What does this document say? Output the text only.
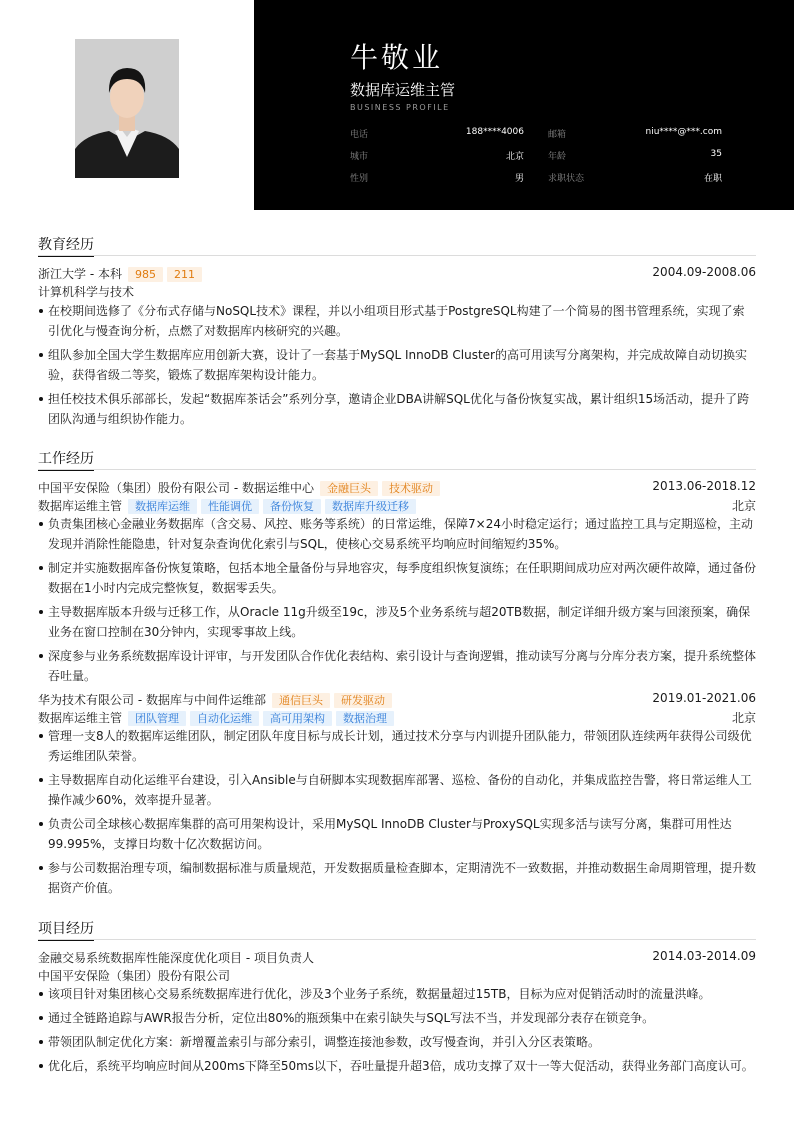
牛敬业
数据库运维主管
BUSINESS PROFILE
电话	188****4006	邮箱	niu****@***.com
城市	北京	年龄	35
性别	男	求职状态	在职
教育经历
浙江大学 - 本科 985 211	2004.09-2008.06
计算机科学与技术
在校期间选修了《分布式存储与NoSQL技术》课程，并以小组项目形式基于PostgreSQL构建了一个简易的图书管理系统，实现了索引优化与慢查询分析，点燃了对数据库内核研究的兴趣。
组队参加全国大学生数据库应用创新大赛，设计了一套基于MySQL InnoDB Cluster的高可用读写分离架构，并完成故障自动切换实验，获得省级二等奖，锻炼了数据库架构设计能力。
担任校技术俱乐部部长，发起“数据库茶话会”系列分享，邀请企业DBA讲解SQL优化与备份恢复实战，累计组织15场活动，提升了跨团队沟通与组织协作能力。
工作经历
中国平安保险（集团）股份有限公司 - 数据运维中心 金融巨头 技术驱动	2013.06-2018.12
数据库运维主管 数据库运维 性能调优 备份恢复 数据库升级迁移	北京
负责集团核心金融业务数据库（含交易、风控、账务等系统）的日常运维，保障7×24小时稳定运行；通过监控工具与定期巡检，主动发现并消除性能隐患，针对复杂查询优化索引与SQL，使核心交易系统平均响应时间缩短约35%。
制定并实施数据库备份恢复策略，包括本地全量备份与异地容灾，每季度组织恢复演练；在任职期间成功应对两次硬件故障，通过备份数据在1小时内完成完整恢复，数据零丢失。
主导数据库版本升级与迁移工作，从Oracle 11g升级至19c，涉及5个业务系统与超20TB数据，制定详细升级方案与回滚预案，确保业务在窗口控制在30分钟内，实现零事故上线。
深度参与业务系统数据库设计评审，与开发团队合作优化表结构、索引设计与查询逻辑，推动读写分离与分库分表方案，提升系统整体吞吐量。
华为技术有限公司 - 数据库与中间件运维部 通信巨头 研发驱动	2019.01-2021.06
数据库运维主管 团队管理 自动化运维 高可用架构 数据治理	北京
管理一支8人的数据库运维团队，制定团队年度目标与成长计划，通过技术分享与内训提升团队能力，带领团队连续两年获得公司级优秀运维团队荣誉。
主导数据库自动化运维平台建设，引入Ansible与自研脚本实现数据库部署、巡检、备份的自动化，并集成监控告警，将日常运维人工操作减少60%，效率提升显著。
负责公司全球核心数据库集群的高可用架构设计，采用MySQL InnoDB Cluster与ProxySQL实现多活与读写分离，集群可用性达99.995%，支撑日均数十亿次数据访问。
参与公司数据治理专项，编制数据标准与质量规范，开发数据质量检查脚本，定期清洗不一致数据，并推动数据生命周期管理，提升数据资产价值。
项目经历
金融交易系统数据库性能深度优化项目 - 项目负责人	2014.03-2014.09
中国平安保险（集团）股份有限公司
该项目针对集团核心交易系统数据库进行优化，涉及3个业务子系统，数据量超过15TB，目标为应对促销活动时的流量洪峰。
通过全链路追踪与AWR报告分析，定位出80%的瓶颈集中在索引缺失与SQL写法不当，并发现部分表存在锁竞争。
带领团队制定优化方案：新增覆盖索引与部分索引，调整连接池参数，改写慢查询，并引入分区表策略。
优化后，系统平均响应时间从200ms下降至50ms以下，吞吐量提升超3倍，成功支撑了双十一等大促活动，获得业务部门高度认可。
